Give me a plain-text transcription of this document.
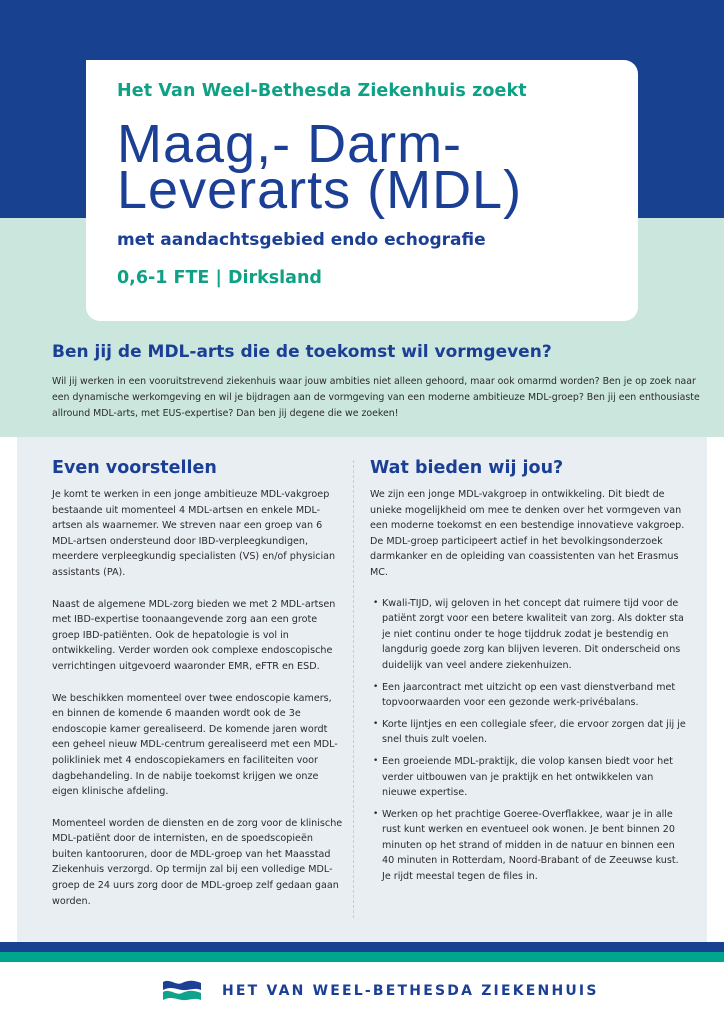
Het Van Weel-Bethesda Ziekenhuis zoekt
Maag,- Darm-
Leverarts (MDL)
met aandachtsgebied endo echografie
0,6-1 FTE | Dirksland
Ben jij de MDL-arts die de toekomst wil vormgeven?

Wil jij werken in een vooruitstrevend ziekenhuis waar jouw ambities niet alleen gehoord, maar ook omarmd worden? Ben je op zoek naar een dynamische werkomgeving en wil je bijdragen aan de vormgeving van een moderne ambitieuze MDL-groep? Ben jij een enthousiaste allround MDL-arts, met EUS-expertise? Dan ben jij degene die we zoeken!

Even voorstellen

Je komt te werken in een jonge ambitieuze MDL-vakgroep bestaande uit momenteel 4 MDL-artsen en enkele MDL-artsen als waarnemer. We streven naar een groep van 6 MDL-artsen ondersteund door IBD-verpleegkundigen, meerdere verpleegkundig specialisten (VS) en/of physician assistants (PA).

Naast de algemene MDL-zorg bieden we met 2 MDL-artsen met IBD-expertise toonaangevende zorg aan een grote groep IBD-patiënten. Ook de hepatologie is vol in ontwikkeling. Verder worden ook complexe endoscopische verrichtingen uitgevoerd waaronder EMR, eFTR en ESD.

We beschikken momenteel over twee endoscopie kamers, en binnen de komende 6 maanden wordt ook de 3e endoscopie kamer gerealiseerd. De komende jaren wordt een geheel nieuw MDL-centrum gerealiseerd met een MDL-polikliniek met 4 endoscopiekamers en faciliteiten voor dagbehandeling. In de nabije toekomst krijgen we onze eigen klinische afdeling.

Momenteel worden de diensten en de zorg voor de klinische MDL-patiënt door de internisten, en de spoedscopieën buiten kantooruren, door de MDL-groep van het Maasstad Ziekenhuis verzorgd. Op termijn zal bij een volledige MDL-groep de 24 uurs zorg door de MDL-groep zelf gedaan gaan worden.

Wat bieden wij jou?

We zijn een jonge MDL-vakgroep in ontwikkeling. Dit biedt de unieke mogelijkheid om mee te denken over het vormgeven van een moderne toekomst en een bestendige innovatieve vakgroep. De MDL-groep participeert actief in het bevolkingsonderzoek darmkanker en de opleiding van coassistenten van het Erasmus MC.

• Kwali-TIJD, wij geloven in het concept dat ruimere tijd voor de patiënt zorgt voor een betere kwaliteit van zorg. Als dokter sta je niet continu onder te hoge tijddruk zodat je bestendig en langdurig goede zorg kan blijven leveren. Dit onderscheid ons duidelijk van veel andere ziekenhuizen.
• Een jaarcontract met uitzicht op een vast dienstverband met topvoorwaarden voor een gezonde werk-privébalans.
• Korte lijntjes en een collegiale sfeer, die ervoor zorgen dat jij je snel thuis zult voelen.
• Een groeiende MDL-praktijk, die volop kansen biedt voor het verder uitbouwen van je praktijk en het ontwikkelen van nieuwe expertise.
• Werken op het prachtige Goeree-Overflakkee, waar je in alle rust kunt werken en eventueel ook wonen. Je bent binnen 20 minuten op het strand of midden in de natuur en binnen een 40 minuten in Rotterdam, Noord-Brabant of de Zeeuwse kust. Je rijdt meestal tegen de files in.
HET VAN WEEL-BETHESDA ZIEKENHUIS
